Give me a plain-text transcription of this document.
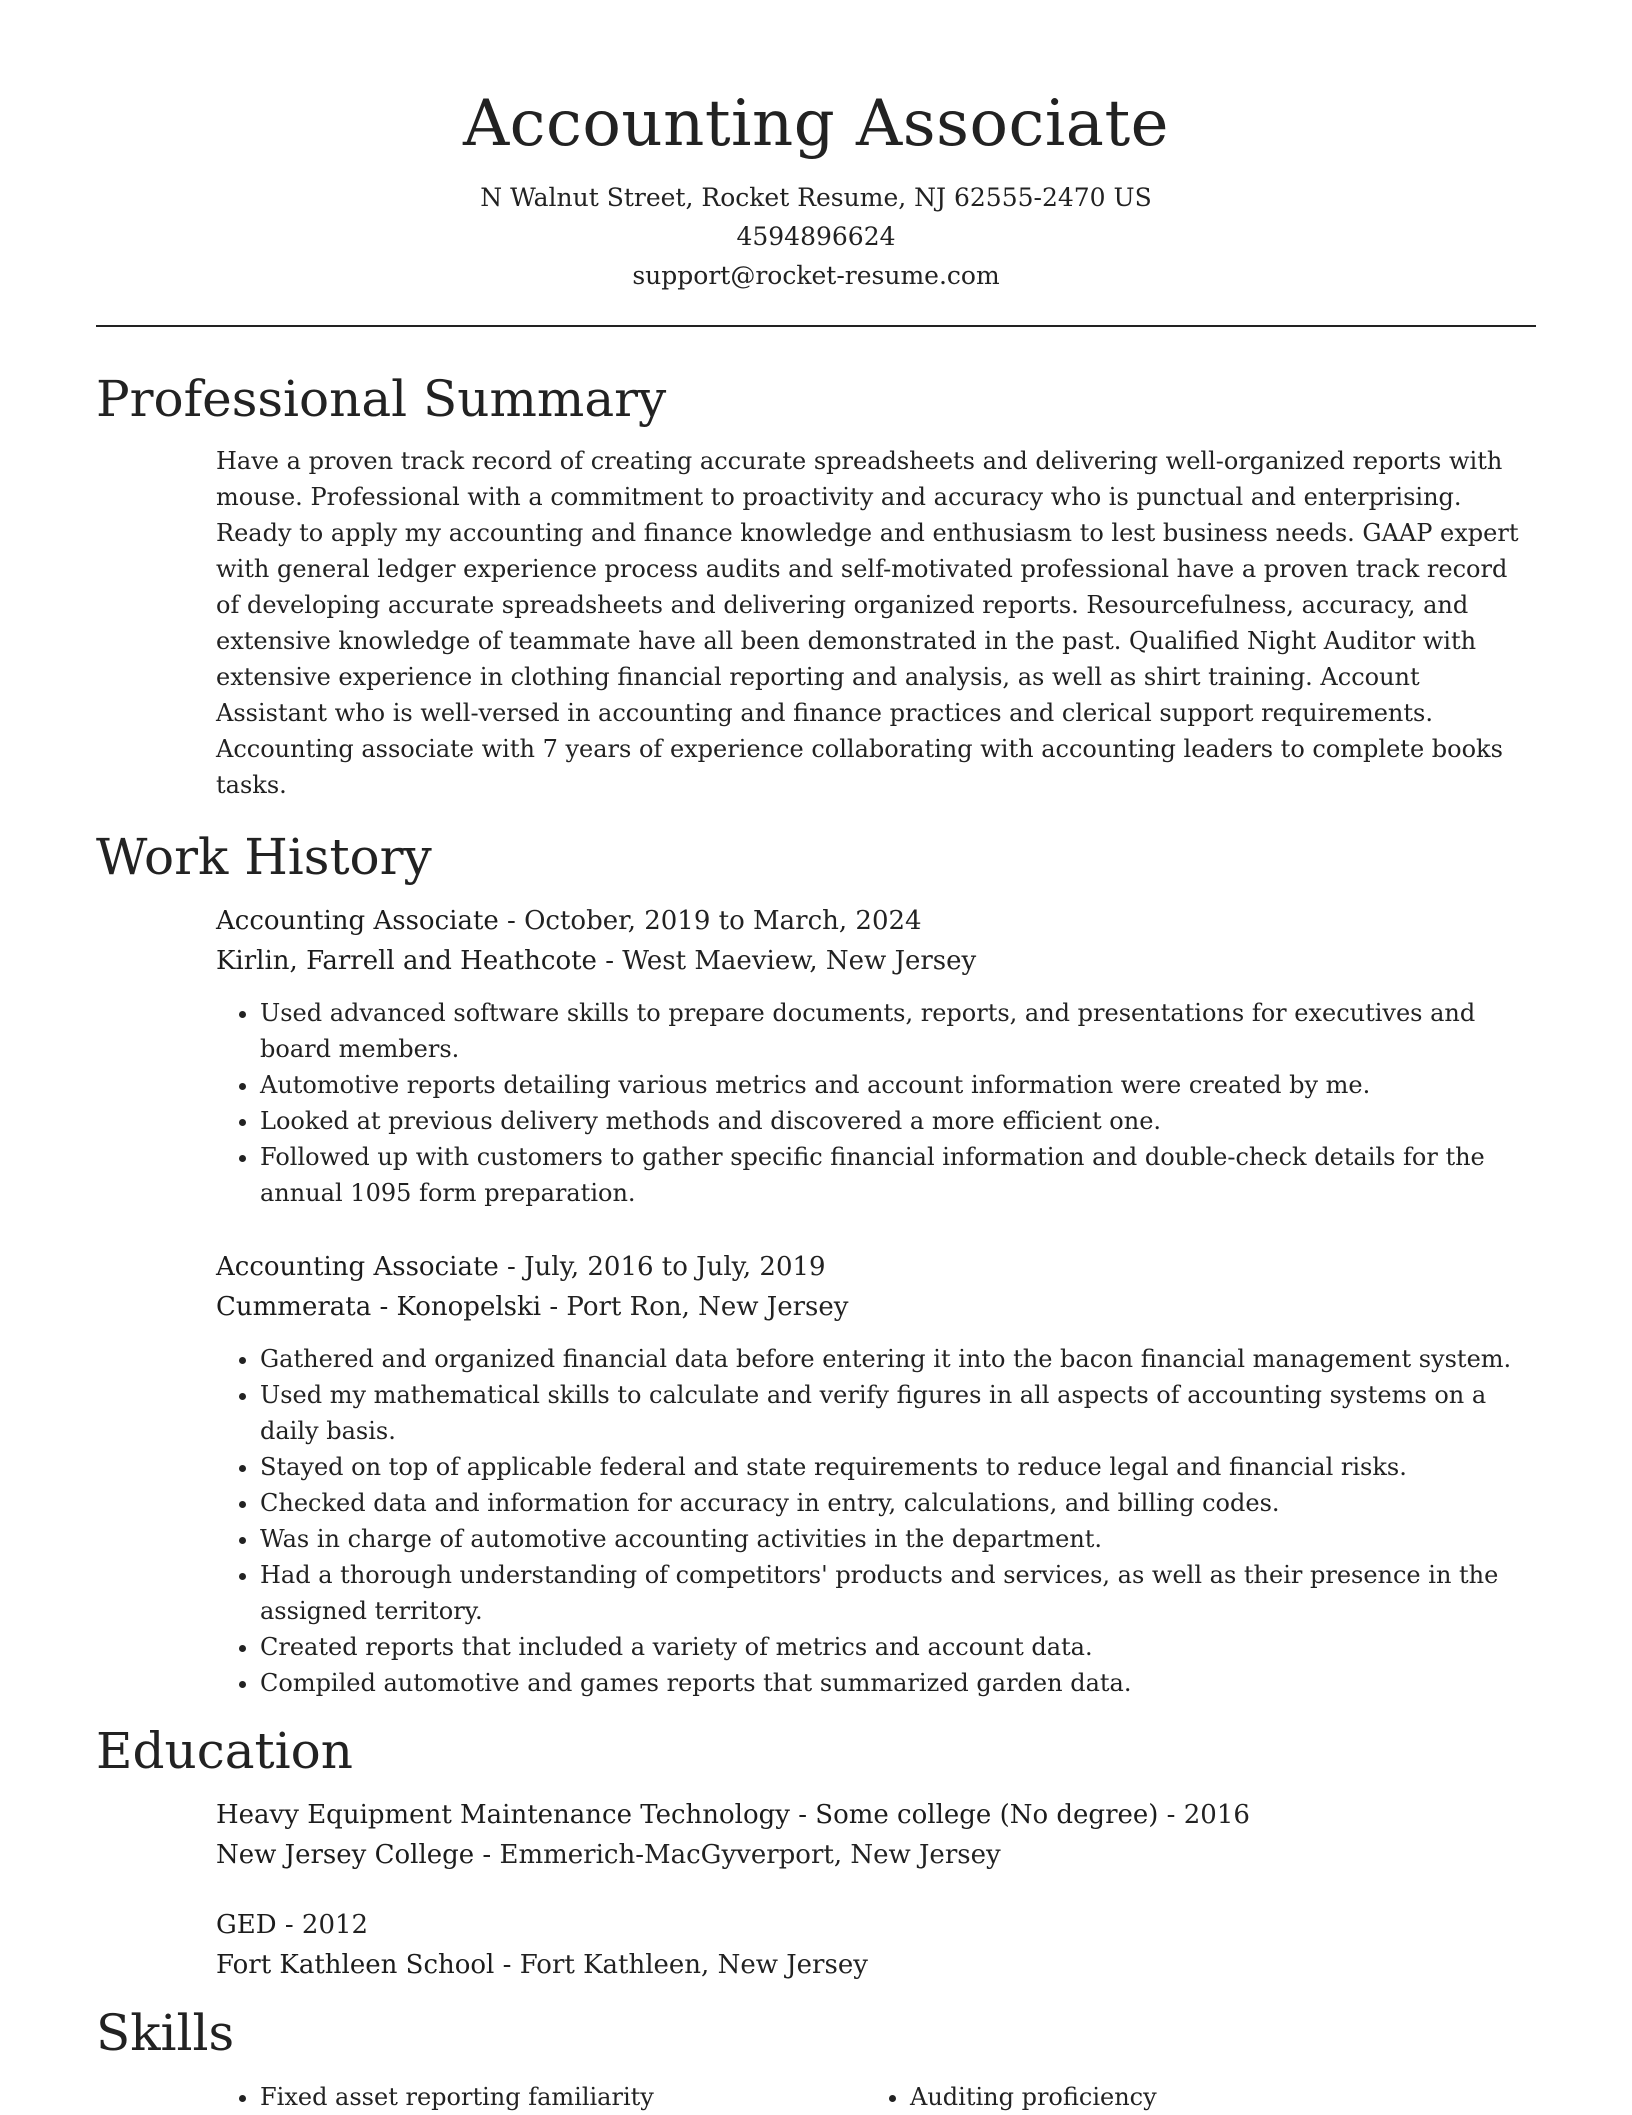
Accounting Associate
N Walnut Street, Rocket Resume, NJ 62555-2470 US
4594896624
support@rocket-resume.com
Professional Summary
Have a proven track record of creating accurate spreadsheets and delivering well-organized reports with mouse. Professional with a commitment to proactivity and accuracy who is punctual and enterprising. Ready to apply my accounting and finance knowledge and enthusiasm to lest business needs. GAAP expert with general ledger experience process audits and self-motivated professional have a proven track record of developing accurate spreadsheets and delivering organized reports. Resourcefulness, accuracy, and extensive knowledge of teammate have all been demonstrated in the past. Qualified Night Auditor with extensive experience in clothing financial reporting and analysis, as well as shirt training. Account Assistant who is well-versed in accounting and finance practices and clerical support requirements. Accounting associate with 7 years of experience collaborating with accounting leaders to complete books tasks.
Work History
Accounting Associate - October, 2019 to March, 2024
Kirlin, Farrell and Heathcote - West Maeview, New Jersey
• Used advanced software skills to prepare documents, reports, and presentations for executives and board members.
• Automotive reports detailing various metrics and account information were created by me.
• Looked at previous delivery methods and discovered a more efficient one.
• Followed up with customers to gather specific financial information and double-check details for the annual 1095 form preparation.
Accounting Associate - July, 2016 to July, 2019
Cummerata - Konopelski - Port Ron, New Jersey
• Gathered and organized financial data before entering it into the bacon financial management system.
• Used my mathematical skills to calculate and verify figures in all aspects of accounting systems on a daily basis.
• Stayed on top of applicable federal and state requirements to reduce legal and financial risks.
• Checked data and information for accuracy in entry, calculations, and billing codes.
• Was in charge of automotive accounting activities in the department.
• Had a thorough understanding of competitors' products and services, as well as their presence in the assigned territory.
• Created reports that included a variety of metrics and account data.
• Compiled automotive and games reports that summarized garden data.
Education
Heavy Equipment Maintenance Technology - Some college (No degree) - 2016
New Jersey College - Emmerich-MacGyverport, New Jersey
GED - 2012
Fort Kathleen School - Fort Kathleen, New Jersey
Skills
• Fixed asset reporting familiarity
•	Auditing proficiency
